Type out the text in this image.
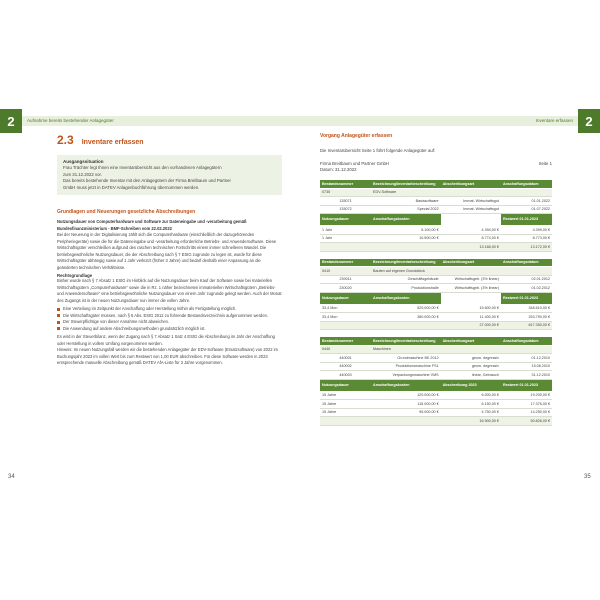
2	Aufnahme bereits bestehender Anlagegüter	Inventare erfassen 2
2.3 Inventare erfassen
Ausgangssituation
Frau Trächter legt Ihnen eine Inventarübersicht aus den vorhandenen Anlagegütern
zum 31.12.2022 vor.
Das bereits bestehende Inventar mit den Anlagegütern der Firma Breitbaum und Partner
GmbH muss jetzt in DATEV Anlagenbuchführung übernommen werden.
Grundlagen und Neuerungen gesetzliche Abschreibungen
Nutzungsdauer von Computerhardware und Software zur Dateneingabe und -verarbeitung gemäß Bundesfinanzministerium - BMF-Schreiben vom 22.02.2022
Bei der Neuerung in der Digitalisierung zählt sich die Computerhardware (einschließlich der dazugehörenden Peripheriegeräte) sowie die für die Dateneingabe und -verarbeitung erforderliche Betriebs- und Anwendersoftware. Diese Wirtschaftsgüter verschleißen aufgrund des raschen technischen Fortschritts einem immer schnelleren Wandel. Die betriebsgewöhnliche Nutzungsdauer, die der Abschreibung nach § 7 EStG zugrunde zu legen ist, wurde für diese Wirtschaftsgüter abhängig sowie auf 1 Jahr verkürzt (früher 3 Jahre) und bedarf deshalb einer Anpassung an die geänderten technischen Verhältnisse.
Rechtsgrundlage
Bisher wurde nach § 7 Absatz 1 EStG im Hinblick auf die Nutzungsdauer beim Kauf der Software sowie bei materiellen Wirtschaftsgütern „Computerhardware" sowie die in Rz. 1 näher bezeichneten immateriellen Wirtschaftsgütern „Betriebs- und Anwendersoftware" eine betriebsgewöhnliche Nutzungsdauer von einem Jahr zugrunde gelegt werden. Auch der Monat des Zugangs ist in der neuen Nutzungsdauer nun immer die vollen Jahre.
Eine Verteilung im Zeitpunkt der Anschaffung oder Herstellung mithin als Fertigstellung möglich.
Die Wirtschaftsgüter müssen, nach § 5 Abs. EStG 2012 zu führende Bestandsverzeichnis aufgenommen werden.
Der Steuerpflichtige von dieser Annahme nicht abweichen.
Die Anwendung auf andere Abschreibungsmethoden grundsätzlich möglich ist.
Es wird in der Steuerbilanz, wenn der Zugang nach § 7 Absatz 1 Satz 4 EStG die Abschreibung im Jahr der Anschaffung oder Herstellung in vollem Umfang vorgenommen werden.
Hinweis: Im neuen Nutzungsfall werden wir die bestehenden Anlagegüter der EDV-Software (Ersatzsoftware) von 2022 im Buchungsjahr 2023 im vollen Wert bis zum Restwert von 1,00 EUR abschreiben. Für diese Software werden in 2023 entsprechende manuelle Abschreibung gemäß DATEV AfA-Liste für 3 Jahre vorgenommen.
Vorgang Anlagegüter erfassen
Die Inventarübersicht Seite 1 führt folgende Anlagegüter auf:
Firma Breitbaum und Partner GmbH	Seite 1
Datum: 31.12.2022
Bestandsnummer	Bezeichnung/Inventarbeschreibung	Abschreibungsart	Anschaffungsdatum
0735	EDV-Software		
135071	Basissoftware	Immat. Wirtschaftsgut	01.01.2022
135072	Spezial 2022	Immat. Wirtschaftsgut	01.07.2022
Nutzungsdauer	Anschaffungskosten		Restwert 01.01.2023
1 Jahr	5.100,00 €	4.394,00 €	4.399,00 €
1 Jahr	10.500,00 €	8.774,00 €	8.773,00 €
		13.168,00 €	13.172,00 €
Bestandsnummer	Bezeichnung/Inventarbeschreibung	Abschreibungsart	Anschaffungsdatum
0410	Bauten auf eigenen Grundstück		
230011	Geschäftsgebäude	Wirtschaftsgeb. (3% linear)	02.01.2012
230020	Produktionshalle	Wirtschaftsgeb. (3% linear)	01.02.2012
Nutzungsdauer	Anschaffungskosten		Restwert 01.01.2023
33,4 Mon	520.000,00 €	15.600,00 €	348.610,00 €
33,4 Mon	380.000,00 €	11.400,00 €	253.790,00 €
		27.000,00 €	617.350,00 €
Bestandsnummer	Bezeichnung/Inventarbeschreibung	Abschreibungsart	Anschaffungsdatum
0440	Maschinen		
440001	Grundmaschine BK 2012	geom. degressiv	01.12.2010
440002	Produktionsmaschine FS1	geom. degressiv	15.08.2010
440003	Verpackungsmaschine VMS	linear, Gebrauch	31.12.2010
Nutzungsdauer	Anschaffungskosten	Abschreibung 2023	Restwert 01.01.2023
15 Jahre	120.000,00 €	6.000,00 €	19.200,00 €
15 Jahre	115.000,00 €	6.150,00 €	17.376,00 €
15 Jahre	95.000,00 €	4.750,00 €	14.250,00 €
		16.900,00 €	50.826,00 €
34	35
